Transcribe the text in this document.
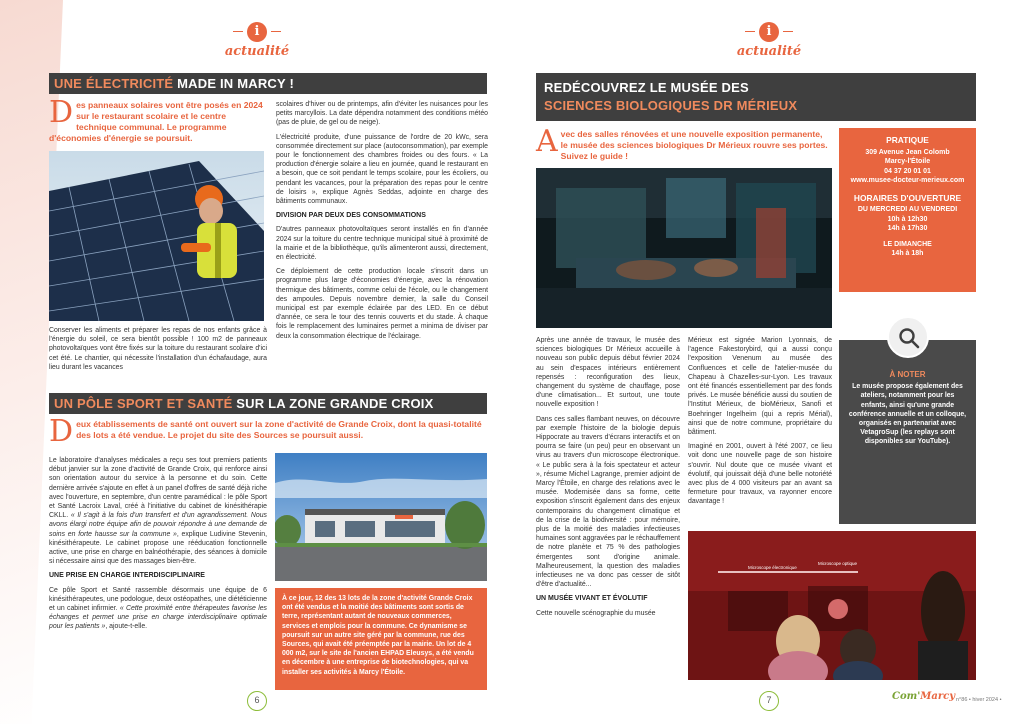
i
actualité
UNE ÉLECTRICITÉ MADE IN MARCY !
Des panneaux solaires vont être posés en 2024 sur le restaurant scolaire et le centre technique communal. Le programme d'économies d'énergie se poursuit.

Conserver les aliments et préparer les repas de nos enfants grâce à l'énergie du soleil, ce sera bientôt possible ! 100 m2 de panneaux photovoltaïques vont être fixés sur la toiture du restaurant scolaire d'ici cet été. Le chantier, qui nécessite l'installation d'un échafaudage, aura lieu durant les vacances

scolaires d'hiver ou de printemps, afin d'éviter les nuisances pour les petits marcyllois. La date dépendra notamment des conditions météo (pas de pluie, de gel ou de neige).

L'électricité produite, d'une puissance de l'ordre de 20 kWc, sera consommée directement sur place (autoconsommation), par exemple pour le fonctionnement des chambres froides ou des fours. « La production d'énergie solaire a lieu en journée, quand le restaurant en a besoin, que ce soit pendant le temps scolaire, pour les écoliers, ou pendant les vacances, pour la préparation des repas pour le centre de loisirs », explique Agnès Seddas, adjointe en charge des bâtiments communaux.

DIVISION PAR DEUX DES CONSOMMATIONS

D'autres panneaux photovoltaïques seront installés en fin d'année 2024 sur la toiture du centre technique municipal situé à proximité de la mairie et de la bibliothèque, qu'ils alimenteront aussi, directement, en électricité.

Ce déploiement de cette production locale s'inscrit dans un programme plus large d'économies d'énergie, avec la rénovation thermique des bâtiments, comme celui de l'école, ou le changement des ampoules. Depuis novembre dernier, la salle du Conseil municipal est par exemple éclairée par des LED. En ce début d'année, ce sera le tour des tennis couverts et du stade. À chaque fois le remplacement des luminaires permet a minima de diviser par deux la consommation électrique de l'éclairage.

UN PÔLE SPORT ET SANTÉ SUR LA ZONE GRANDE CROIX
Deux établissements de santé ont ouvert sur la zone d'activité de Grande Croix, dont la quasi-totalité des lots a été vendue. Le projet du site des Sources se poursuit aussi.

Le laboratoire d'analyses médicales a reçu ses tout premiers patients début janvier sur la zone d'activité de Grande Croix, qui renforce ainsi son orientation autour du service à la personne et du soin. Cette dernière arrivée s'ajoute en effet à un panel d'offres de santé déjà riche avec l'ouverture, en septembre, d'un centre paramédical : le pôle Sport et Santé Lacroix Laval, créé à l'initiative du cabinet de kinésithérapie CKLL. « Il s'agit à la fois d'un transfert et d'un agrandissement. Nous avons élargi notre équipe afin de pouvoir répondre à une demande de soins en forte hausse sur la commune », explique Ludivine Stevenin, kinésithérapeute. Le cabinet propose une rééducation fonctionnelle active, une prise en charge en balnéothérapie, des séances à domicile si nécessaire ainsi que des massages bien-être.

UNE PRISE EN CHARGE INTERDISCIPLINAIRE

Ce pôle Sport et Santé rassemble désormais une équipe de 6 kinésithérapeutes, une podologue, deux ostéopathes, une diététicienne et un cabinet infirmier. « Cette proximité entre thérapeutes favorise les échanges et permet une prise en charge interdisciplinaire optimale pour les patients », ajoute-t-elle.

À ce jour, 12 des 13 lots de la zone d'activité Grande Croix ont été vendus et la moitié des bâtiments sont sortis de terre, représentant autant de nouveaux commerces, services et emplois pour la commune. Ce dynamisme se poursuit sur un autre site géré par la commune, rue des Sources, qui avait été préemptée par la mairie. Un lot de 4 000 m2, sur le site de l'ancien EHPAD Eleusys, a été vendu en décembre à une entreprise de biotechnologies, qui va installer ses activités à Marcy l'Étoile.
6
i
actualité
REDÉCOUVREZ LE MUSÉE DES
SCIENCES BIOLOGIQUES DR MÉRIEUX
Avec des salles rénovées et une nouvelle exposition permanente, le musée des sciences biologiques Dr Mérieux rouvre ses portes. Suivez le guide !
PRATIQUE
309 Avenue Jean Colomb
Marcy-l'Étoile
04 37 20 01 01
www.musee-docteur-merieux.com
HORAIRES D'OUVERTURE
DU MERCREDI AU VENDREDI
10h à 12h30
14h à 17h30
LE DIMANCHE
14h à 18h
À NOTER
Le musée propose également des ateliers, notamment pour les enfants, ainsi qu'une grande conférence annuelle et un colloque, organisés en partenariat avec VetagroSup (les replays sont disponibles sur YouTube).

Après une année de travaux, le musée des sciences biologiques Dr Mérieux accueille à nouveau son public depuis début février 2024 au sein d'espaces intérieurs entièrement repensés : reconfiguration des lieux, changement du système de chauffage, pose d'une climatisation... Et surtout, une toute nouvelle exposition !

Dans ces salles flambant neuves, on découvre par exemple l'histoire de la biologie depuis Hippocrate au travers d'écrans interactifs et on pourra se faire (un peu) peur en observant un virus au travers d'un microscope électronique. « Le public sera à la fois spectateur et acteur », résume Michel Lagrange, premier adjoint de Marcy l'Étoile, en charge des relations avec le musée. Modernisée dans sa forme, cette exposition s'inscrit également dans des enjeux contemporains du changement climatique et de la crise de la biodiversité : pour mémoire, plus de la moitié des maladies infectieuses humaines sont aggravées par le réchauffement de notre planète et 75 % des pathologies émergentes sont d'origine animale. Malheureusement, la question des maladies infectieuses ne va donc pas cesser de sitôt d'être d'actualité...

UN MUSÉE VIVANT ET ÉVOLUTIF

Cette nouvelle scénographie du musée

Mérieux est signée Marion Lyonnais, de l'agence Fakestorybird, qui a aussi conçu l'exposition Venenum au musée des Confluences et celle de l'atelier-musée du Chapeau à Chazelles-sur-Lyon. Les travaux ont été financés essentiellement par des fonds privés. Le musée bénéficie aussi du soutien de l'Institut Mérieux, de bioMérieux, Sanofi et Boehringer Ingelheim (qui a repris Mérial), ainsi que de notre commune, propriétaire du bâtiment.

Imaginé en 2001, ouvert à l'été 2007, ce lieu voit donc une nouvelle page de son histoire s'ouvrir. Nul doute que ce musée vivant et évolutif, qui jouissait déjà d'une belle notoriété avec plus de 4 000 visiteurs par an avant sa fermeture pour travaux, va rayonner encore davantage !

Microscope électronique
Microscope optique
7	Com'Marcy n°86 • hiver 2024 •
